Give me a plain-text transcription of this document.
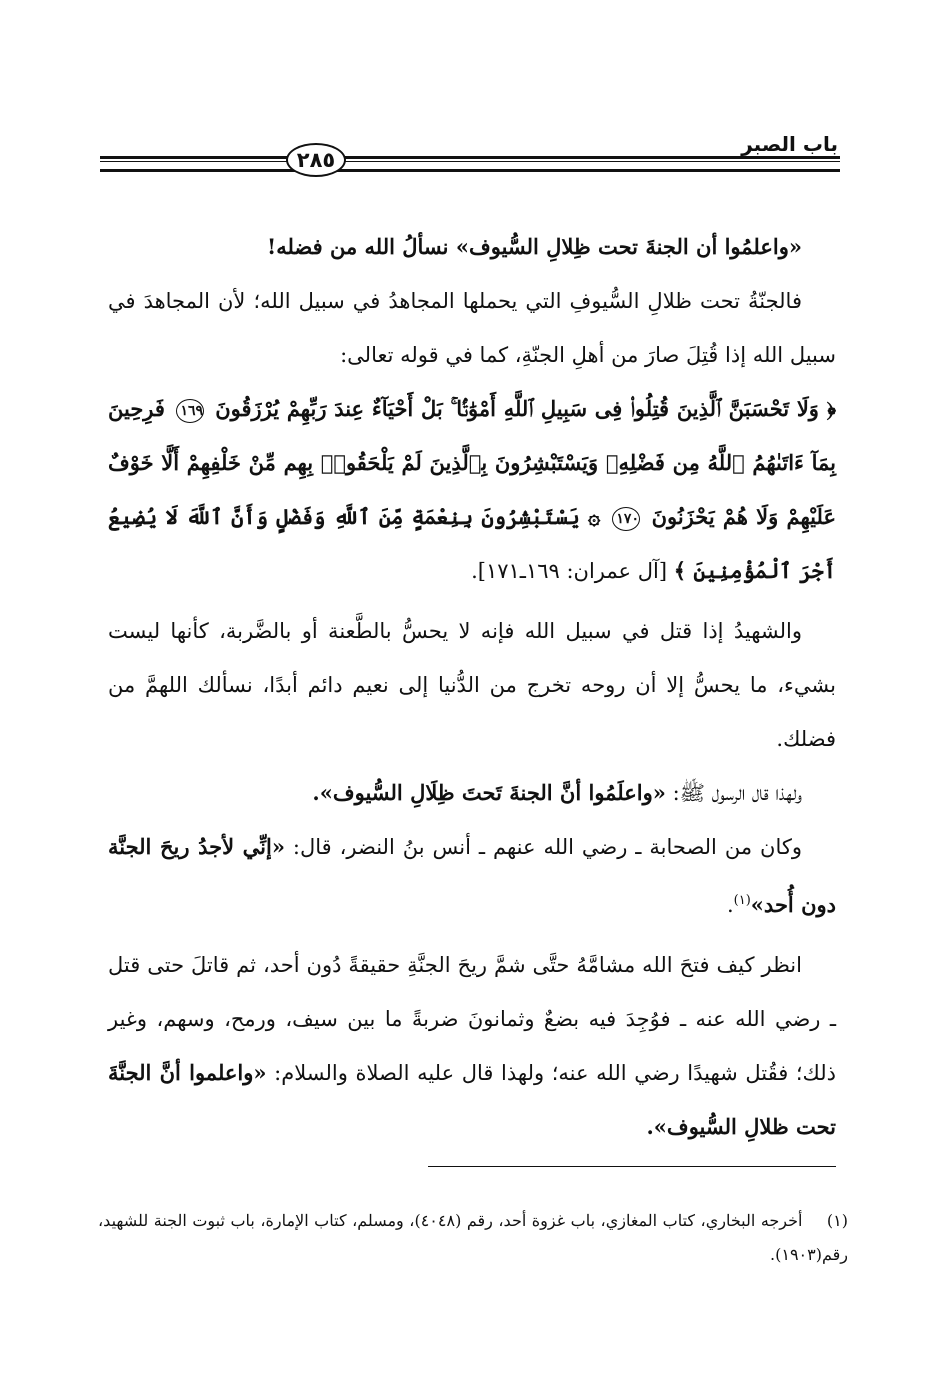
باب الصبر
٢٨٥

«واعلمُوا أن الجنةَ تحت ظِلالِ السُّيوف» نسألُ الله من فضله!

فالجنّةُ تحت ظلالِ السُّيوفِ التي يحملها المجاهدُ في سبيل الله؛ لأن المجاهدَ في سبيل الله إذا قُتِلَ صارَ من أهلِ الجنّةِ، كما في قوله تعالى:

﴿ وَلَا تَحْسَبَنَّ ٱلَّذِينَ قُتِلُوا۟ فِى سَبِيلِ ٱللَّهِ أَمْوَٰتًۢا ۚ بَلْ أَحْيَآءٌ عِندَ رَبِّهِمْ يُرْزَقُونَ ١٦٩ فَرِحِينَ بِمَآ ءَاتَىٰهُمُ ٱللَّهُ مِن فَضْلِهِۦ وَيَسْتَبْشِرُونَ بِٱلَّذِينَ لَمْ يَلْحَقُوا۟ بِهِم مِّنْ خَلْفِهِمْ أَلَّا خَوْفٌ عَلَيْهِمْ وَلَا هُمْ يَحْزَنُونَ ١٧٠ ۞ يَسْتَبْشِرُونَ بِنِعْمَةٍ مِّنَ ٱللَّهِ وَفَضْلٍ وَأَنَّ ٱللَّهَ لَا يُضِيعُ أَجْرَ ٱلْمُؤْمِنِينَ ﴾ [آل عمران: ١٦٩ـ١٧١].

والشهيدُ إذا قتل في سبيل الله فإنه لا يحسُّ بالطَّعنة أو بالضَّربة، كأنها ليست بشيء، ما يحسُّ إلا أن روحه تخرج من الدُّنيا إلى نعيم دائم أبدًا، نسألك اللهمَّ من فضلك.

ولهذا قال الرسول ﷺ: «واعلَمُوا أنَّ الجنةَ تَحتَ ظِلَالِ السُّيوف».

وكان من الصحابة ـ رضي الله عنهم ـ أنس بنُ النضر، قال: «إنِّي لأجدُ ريحَ الجنَّة دون أُحد»$^{(١)}$.

انظر كيف فتحَ الله مشامَّهُ حتَّى شمَّ ريحَ الجنَّةِ حقيقةً دُون أحد، ثم قاتلَ حتى قتل ـ رضي الله عنه ـ فوُجِدَ فيه بضعٌ وثمانونَ ضربةً ما بين سيف، ورمح، وسهم، وغير ذلك؛ فقُتل شهيدًا رضي الله عنه؛ ولهذا قال عليه الصلاة والسلام: «واعلموا أنَّ الجنَّةَ تحت ظلالِ السُّيوف».

(١) أخرجه البخاري، كتاب المغازي، باب غزوة أحد، رقم (٤٠٤٨)، ومسلم، كتاب الإمارة، باب ثبوت الجنة للشهيد، رقم(١٩٠٣).
